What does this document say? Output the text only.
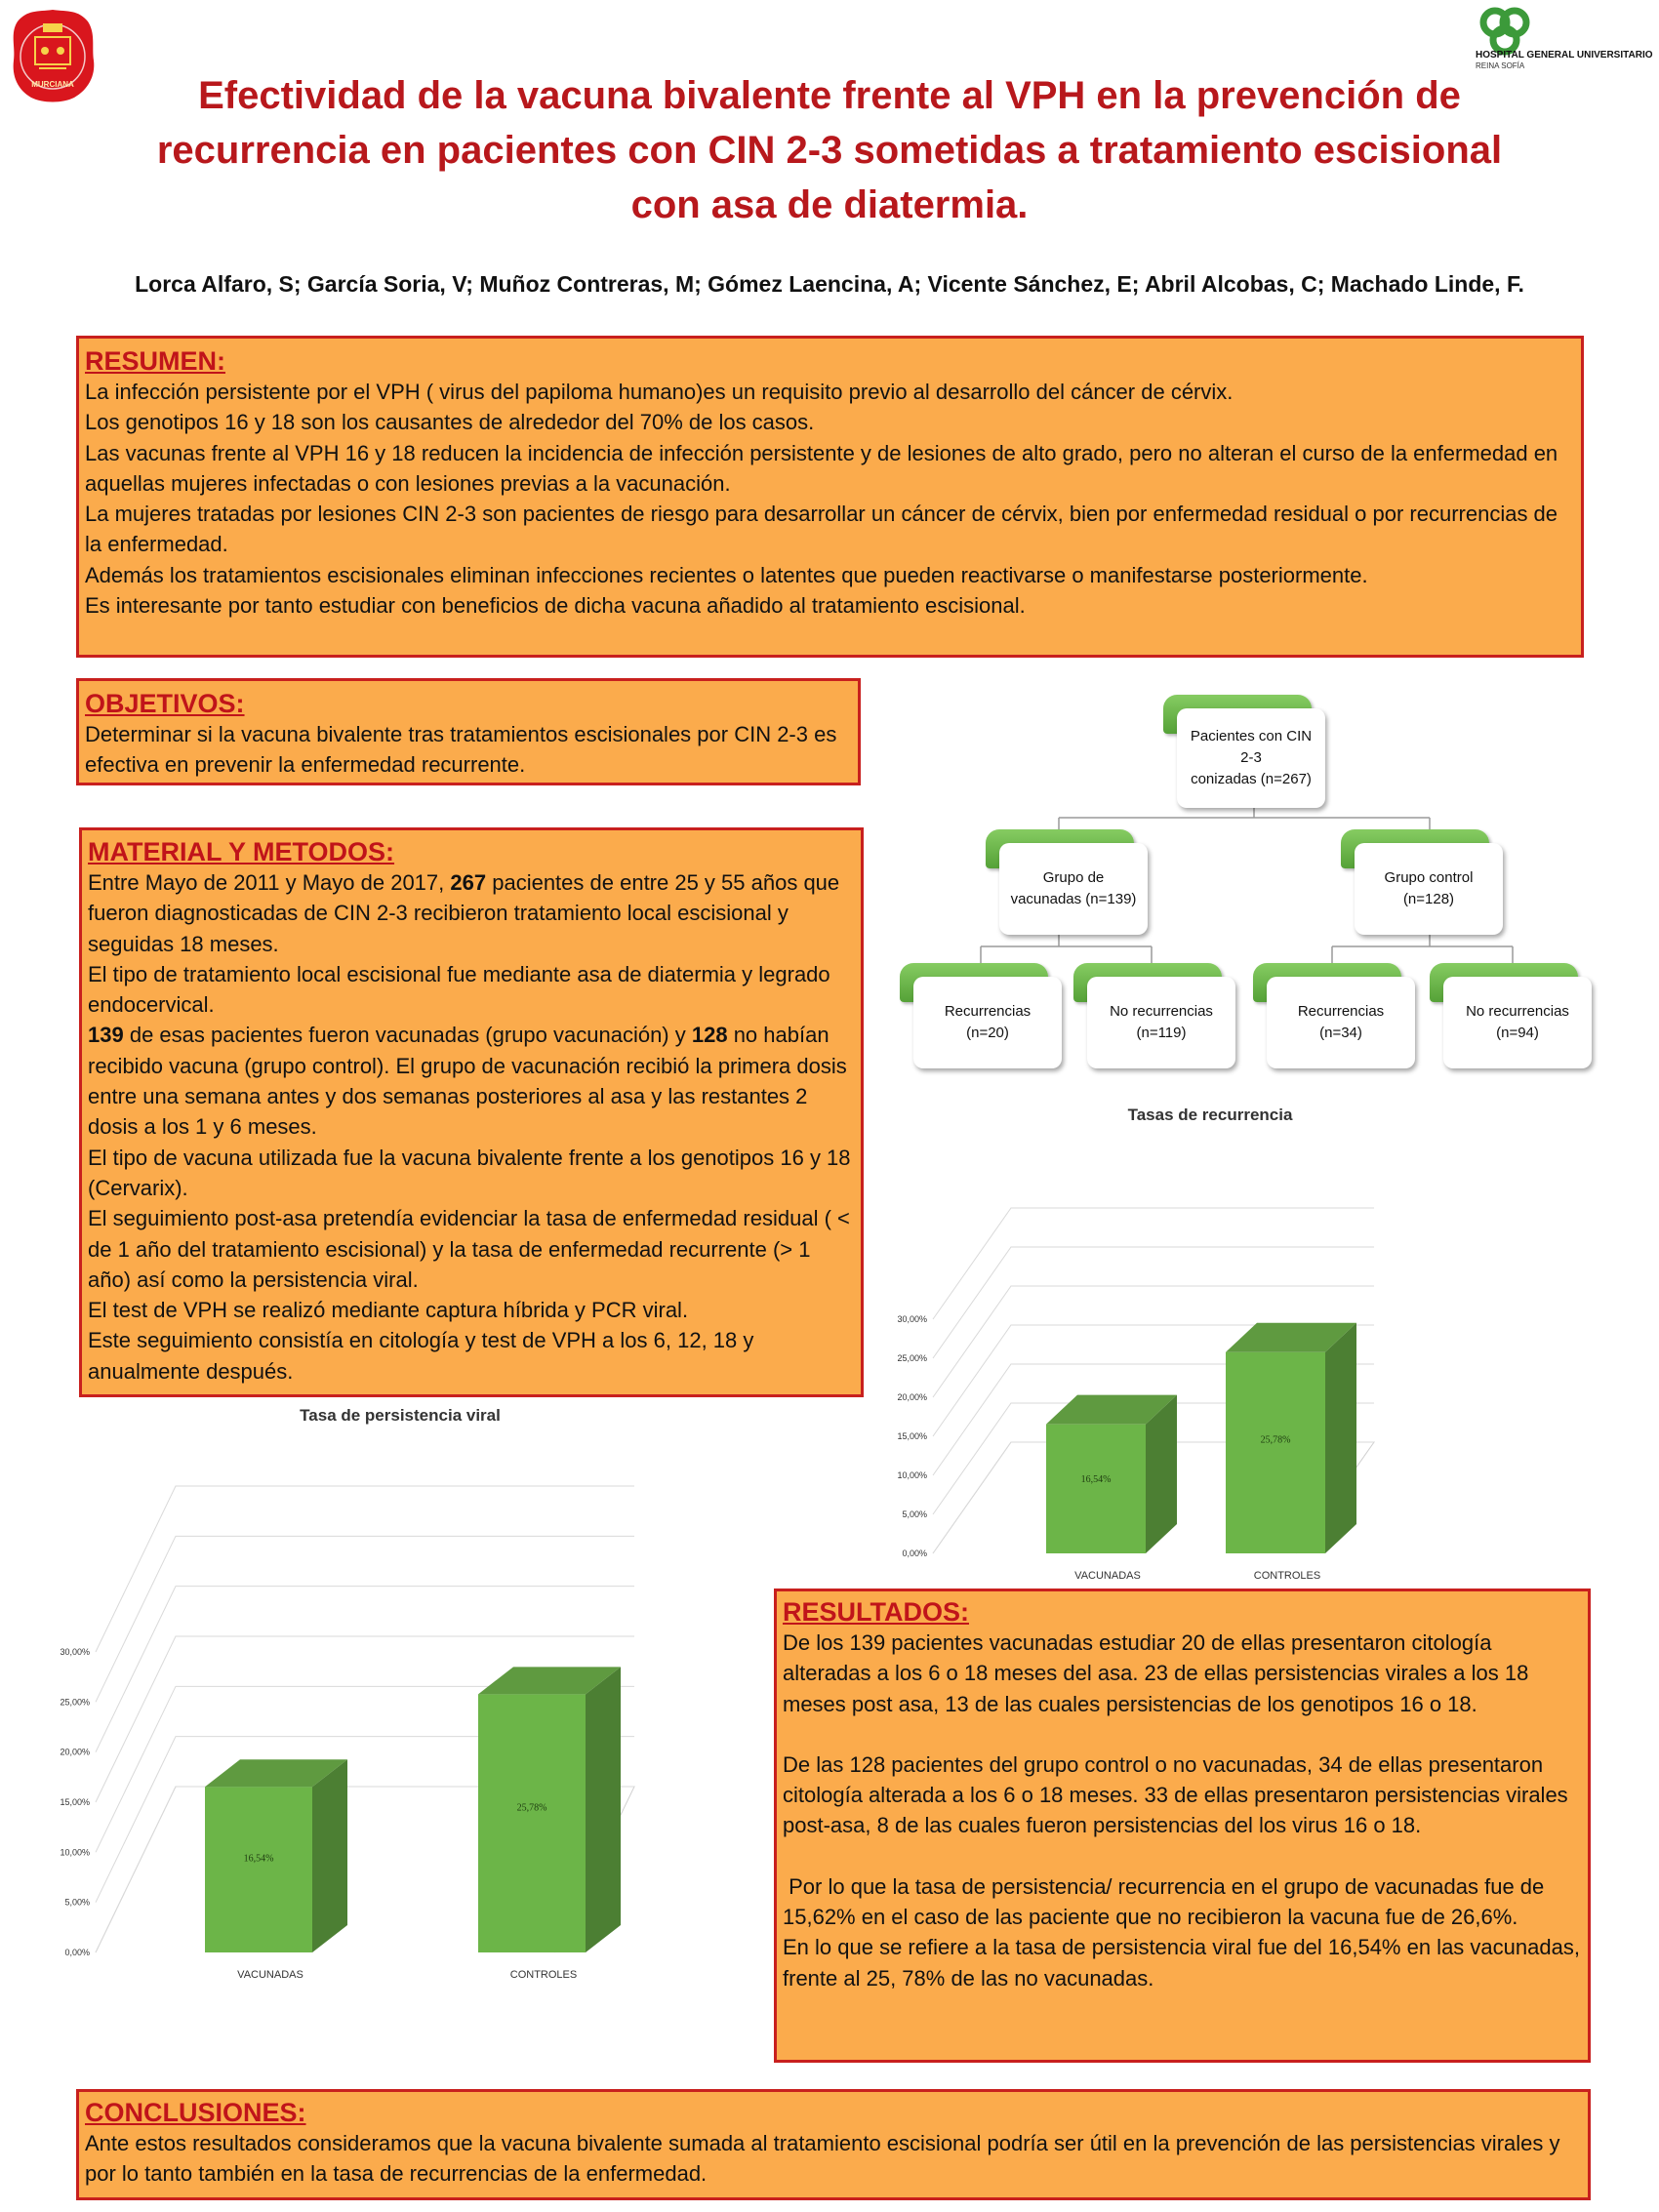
MURCIANA
HOSPITAL GENERAL UNIVERSITARIO
REINA SOFÍA
Efectividad de la vacuna bivalente frente al VPH en la prevención de
recurrencia en pacientes con CIN 2-3 sometidas a tratamiento escisional
con asa de diatermia.
Lorca Alfaro, S; García Soria, V; Muñoz Contreras, M; Gómez Laencina, A; Vicente Sánchez, E; Abril Alcobas, C; Machado Linde, F.
RESUMEN:

La infección persistente por el VPH ( virus del papiloma humano)es un requisito previo al desarrollo del cáncer de cérvix.

Los genotipos 16 y 18 son los causantes de alrededor del 70% de los casos.

Las vacunas frente al VPH 16 y 18 reducen la incidencia de infección persistente y de lesiones de alto grado, pero no alteran el curso de la enfermedad en aquellas mujeres infectadas o con lesiones previas a la vacunación.

La mujeres tratadas por lesiones CIN 2-3 son pacientes de riesgo para desarrollar un cáncer de cérvix, bien por enfermedad residual o por recurrencias de la enfermedad.

Además los tratamientos escisionales eliminan infecciones recientes o latentes que pueden reactivarse o manifestarse posteriormente.

Es interesante por tanto estudiar con beneficios de dicha vacuna añadido al tratamiento escisional.

OBJETIVOS:

Determinar si la vacuna bivalente tras tratamientos escisionales por CIN 2-3 es efectiva en prevenir la enfermedad recurrente.

MATERIAL Y METODOS:

Entre Mayo de 2011 y Mayo de 2017, 267 pacientes de entre 25 y 55 años que fueron diagnosticadas de CIN 2-3 recibieron tratamiento local escisional y seguidas 18 meses.

El tipo de tratamiento local escisional fue mediante asa de diatermia y legrado endocervical.

139 de esas pacientes fueron vacunadas (grupo vacunación) y 128 no habían recibido vacuna (grupo control). El grupo de vacunación recibió la primera dosis entre una semana antes y dos semanas posteriores al asa y las restantes 2 dosis a los 1 y 6 meses.

El tipo de vacuna utilizada fue la vacuna bivalente frente a los genotipos 16 y 18 (Cervarix).

El seguimiento post-asa pretendía evidenciar la tasa de enfermedad residual ( < de 1 año del tratamiento escisional) y la tasa de enfermedad recurrente (> 1 año) así como la persistencia viral.

El test de VPH se realizó mediante captura híbrida y PCR viral.

Este seguimiento consistía en citología y test de VPH a los 6, 12, 18 y anualmente después.

Pacientes con CIN
2-3
conizadas (n=267)
Grupo de
vacunadas (n=139)
Grupo control
(n=128)
Recurrencias
(n=20)
No recurrencias
(n=119)
Recurrencias
(n=34)
No recurrencias
(n=94)
Tasas de recurrencia
0,00%
5,00%
10,00%
15,00%
20,00%
25,00%
30,00%
16,54%
VACUNADAS
25,78%
CONTROLES
Tasa de persistencia viral
0,00%
5,00%
10,00%
15,00%
20,00%
25,00%
30,00%
16,54%
VACUNADAS
25,78%
CONTROLES
RESULTADOS:

De los 139 pacientes vacunadas estudiar 20 de ellas presentaron citología alteradas a los 6 o 18 meses del asa. 23 de ellas persistencias virales a los 18 meses post asa, 13 de las cuales persistencias de los genotipos 16 o 18.

De las 128 pacientes del grupo control o no vacunadas, 34 de ellas presentaron citología alterada a los 6 o 18 meses. 33 de ellas presentaron persistencias virales post-asa, 8 de las cuales fueron persistencias del los virus 16 o 18.

Por lo que la tasa de persistencia/ recurrencia en el grupo de vacunadas fue de 15,62% en el caso de las paciente que no recibieron la vacuna fue de 26,6%.

En lo que se refiere a la tasa de persistencia viral fue del 16,54% en las vacunadas, frente al 25, 78% de las no vacunadas.

CONCLUSIONES:

Ante estos resultados consideramos que la vacuna bivalente sumada al tratamiento escisional podría ser útil en la prevención de las persistencias virales y por lo tanto también en la tasa de recurrencias de la enfermedad.
